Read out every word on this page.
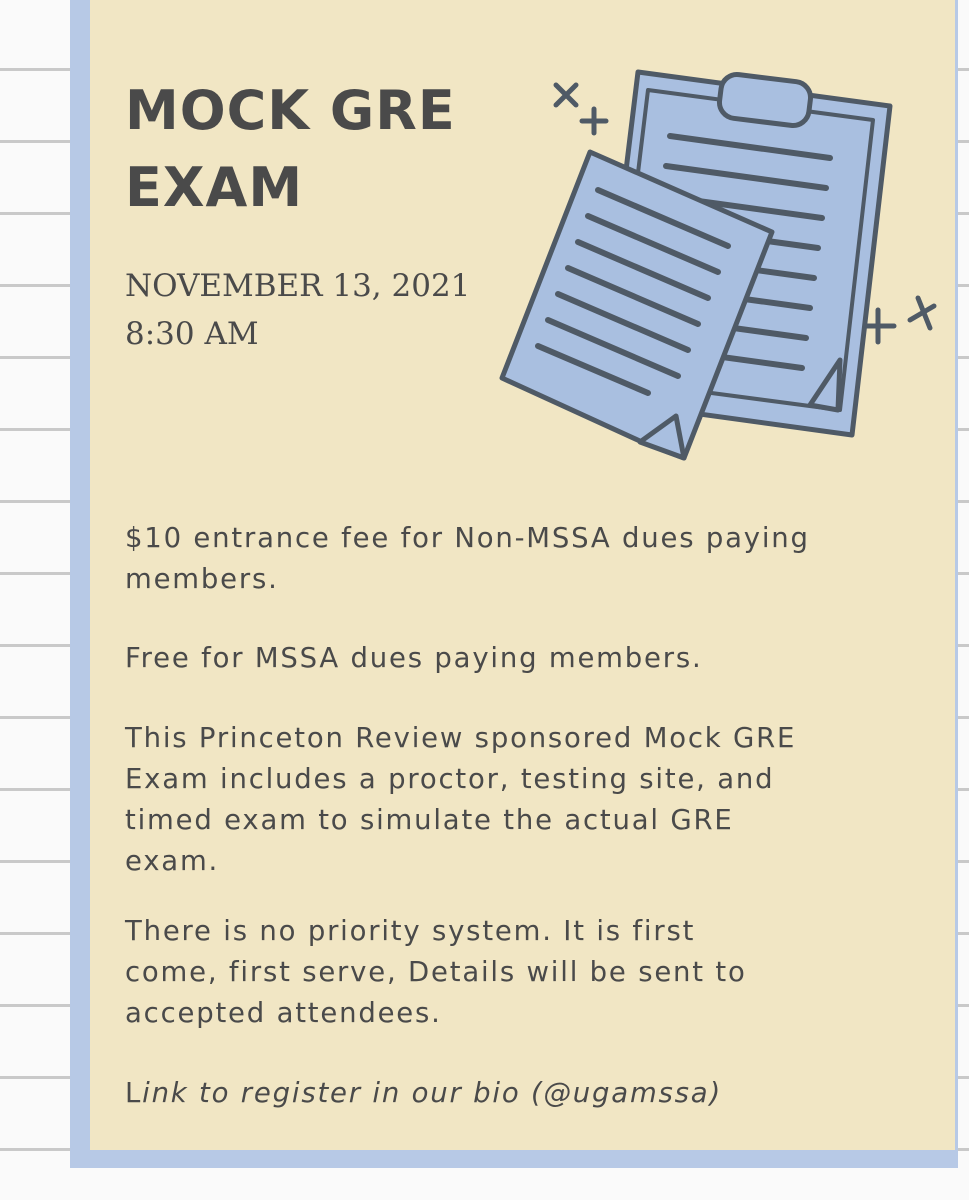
MOCK GRE
EXAM

NOVEMBER 13, 2021

8:30 AM

$10 entrance fee for Non-MSSA dues paying
members.

Free for MSSA dues paying members.

This Princeton Review sponsored Mock GRE
Exam includes a proctor, testing site, and
timed exam to simulate the actual GRE
exam.

There is no priority system. It is first
come, first serve, Details will be sent to
accepted attendees.

Link to register in our bio (@ugamssa)
